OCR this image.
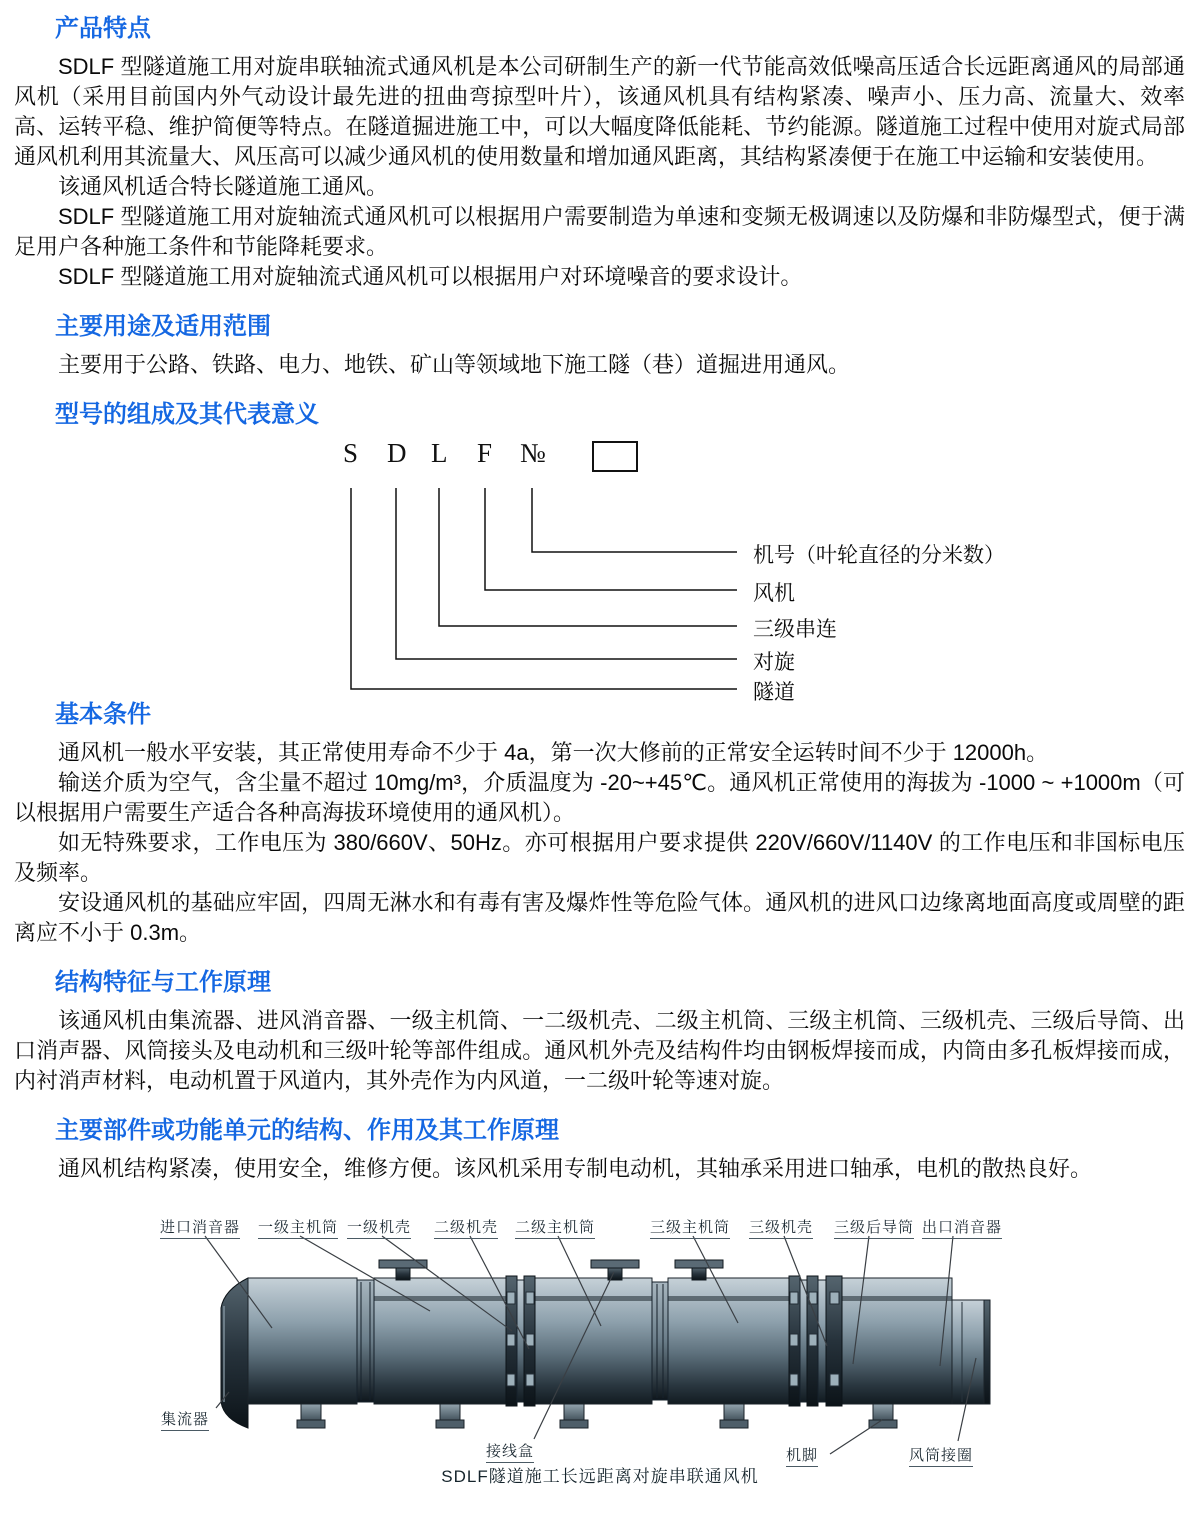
产品特点

SDLF 型隧道施工用对旋串联轴流式通风机是本公司研制生产的新一代节能高效低噪高压适合长远距离通风的局部通风机（采用目前国内外气动设计最先进的扭曲弯掠型叶片），该通风机具有结构紧凑、噪声小、压力高、流量大、效率高、运转平稳、维护简便等特点。在隧道掘进施工中，可以大幅度降低能耗、节约能源。隧道施工过程中使用对旋式局部通风机利用其流量大、风压高可以减少通风机的使用数量和增加通风距离，其结构紧凑便于在施工中运输和安装使用。

该通风机适合特长隧道施工通风。

SDLF 型隧道施工用对旋轴流式通风机可以根据用户需要制造为单速和变频无极调速以及防爆和非防爆型式，便于满足用户各种施工条件和节能降耗要求。

SDLF 型隧道施工用对旋轴流式通风机可以根据用户对环境噪音的要求设计。

主要用途及适用范围

主要用于公路、铁路、电力、地铁、矿山等领域地下施工隧（巷）道掘进用通风。

型号的组成及其代表意义
S D L F №
机号（叶轮直径的分米数）
风机
三级串连
对旋
隧道
基本条件

通风机一般水平安装，其正常使用寿命不少于 4a，第一次大修前的正常安全运转时间不少于 12000h。

输送介质为空气，含尘量不超过 10mg/m³，介质温度为 -20~+45℃。通风机正常使用的海拔为 -1000 ~ +1000m（可以根据用户需要生产适合各种高海拔环境使用的通风机）。

如无特殊要求，工作电压为 380/660V、50Hz。亦可根据用户要求提供 220V/660V/1140V 的工作电压和非国标电压及频率。

安设通风机的基础应牢固，四周无淋水和有毒有害及爆炸性等危险气体。通风机的进风口边缘离地面高度或周壁的距离应不小于 0.3m。

结构特征与工作原理

该通风机由集流器、进风消音器、一级主机筒、一二级机壳、二级主机筒、三级主机筒、三级机壳、三级后导筒、出口消声器、风筒接头及电动机和三级叶轮等部件组成。通风机外壳及结构件均由钢板焊接而成，内筒由多孔板焊接而成，内衬消声材料，电动机置于风道内，其外壳作为内风道，一二级叶轮等速对旋。

主要部件或功能单元的结构、作用及其工作原理

通风机结构紧凑，使用安全，维修方便。该风机采用专制电动机，其轴承采用进口轴承，电机的散热良好。

进口消音器 一级主机筒 一级机壳 二级机壳 二级主机筒	三级主机筒 三级机壳 三级后导筒 出口消音器
集流器
接线盒	机脚	风筒接圈
SDLF隧道施工长远距离对旋串联通风机
